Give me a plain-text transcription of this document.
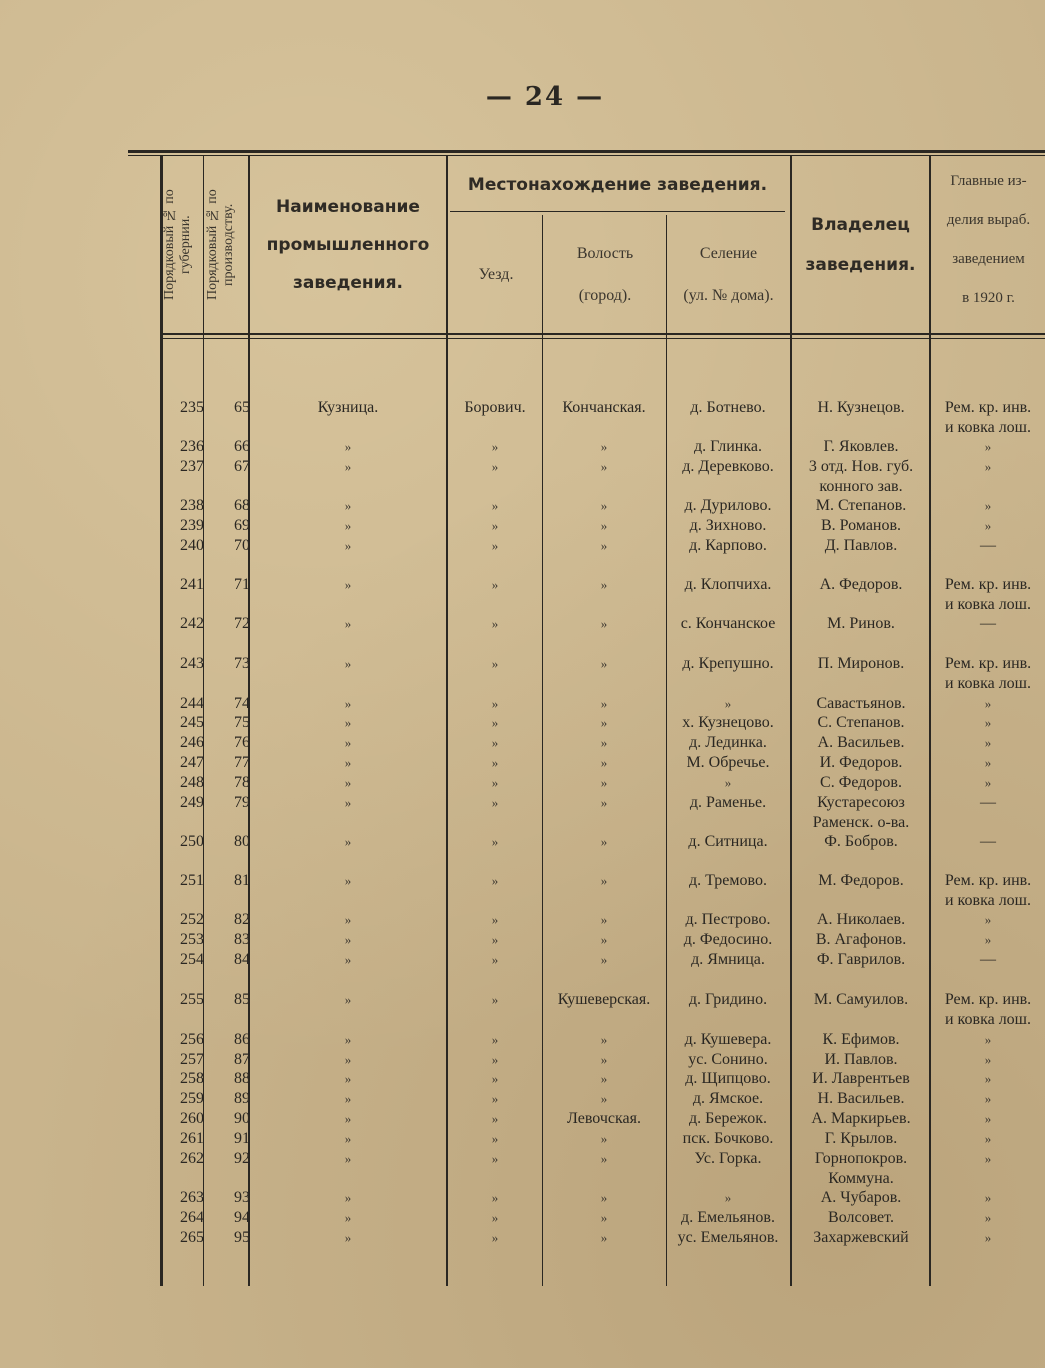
— 24 —
Порядковый № по губернии. Порядковый № по производству.	Наименование
промышленного
заведения.
Местонахождение заведения.
Уезд.
Волость
(город).
Селение
(ул. № дома).
Владелец
заведения.
Главные из-
делия выраб.
заведением
в 1920 г.
235	65	Кузница.	Борович.	Кончанская.	д. Ботнево.	Н. Кузнецов.	Рем. кр. инв.
и ковка лош.
236	66	»	»	»	д. Глинка.	Г. Яковлев.	»
237	67	»	»	»	д. Деревково.	3 отд. Нов. губ.	»
конного зав.
238	68	»	»	»	д. Дурилово.	М. Степанов.	»
239	69	»	»	»	д. Зихново.	В. Романов.	»
240	70	»	»	»	д. Карпово.	Д. Павлов.	—
241	71	»	»	»	д. Клопчиха.	А. Федоров.	Рем. кр. инв.
и ковка лош.
242	72	»	»	»	с. Кончанское	М. Ринов.	—
243	73	»	»	»	д. Крепушно.	П. Миронов.	Рем. кр. инв.
и ковка лош.
244	74	»	»	»	»	Савастьянов.	»
245	75	»	»	»	х. Кузнецово.	С. Степанов.	»
246	76	»	»	»	д. Лединка.	А. Васильев.	»
247	77	»	»	»	М. Обречье.	И. Федоров.	»
248	78	»	»	»	»	С. Федоров.	»
249	79	»	»	»	д. Раменье.	Кустаресоюз	—
Раменск. о-ва.
250	80	»	»	»	д. Ситница.	Ф. Бобров.	—
251	81	»	»	»	д. Тремово.	М. Федоров.	Рем. кр. инв.
и ковка лош.
252	82	»	»	»	д. Пестрово.	А. Николаев.	»
253	83	»	»	»	д. Федосино.	В. Агафонов.	»
254	84	»	»	»	д. Ямница.	Ф. Гаврилов.	—
255	85	»	»	Кушеверская.	д. Гридино.	М. Самуилов.	Рем. кр. инв.
и ковка лош.
256	86	»	»	»	д. Кушевера.	К. Ефимов.	»
257	87	»	»	»	ус. Сонино.	И. Павлов.	»
258	88	»	»	»	д. Щипцово.	И. Лаврентьев	»
259	89	»	»	»	д. Ямское.	Н. Васильев.	»
260	90	»	»	Левочская.	д. Бережок.	А. Маркирьев.	»
261	91	»	»	»	пск. Бочково.	Г. Крылов.	»
262	92	»	»	»	Ус. Горка.	Горнопокров.	»
Коммуна.
263	93	»	»	»	»	А. Чубаров.	»
264	94	»	»	»	д. Емельянов.	Волсовет.	»
265	95	»	»	»	ус. Емельянов.	Захаржевский	»
